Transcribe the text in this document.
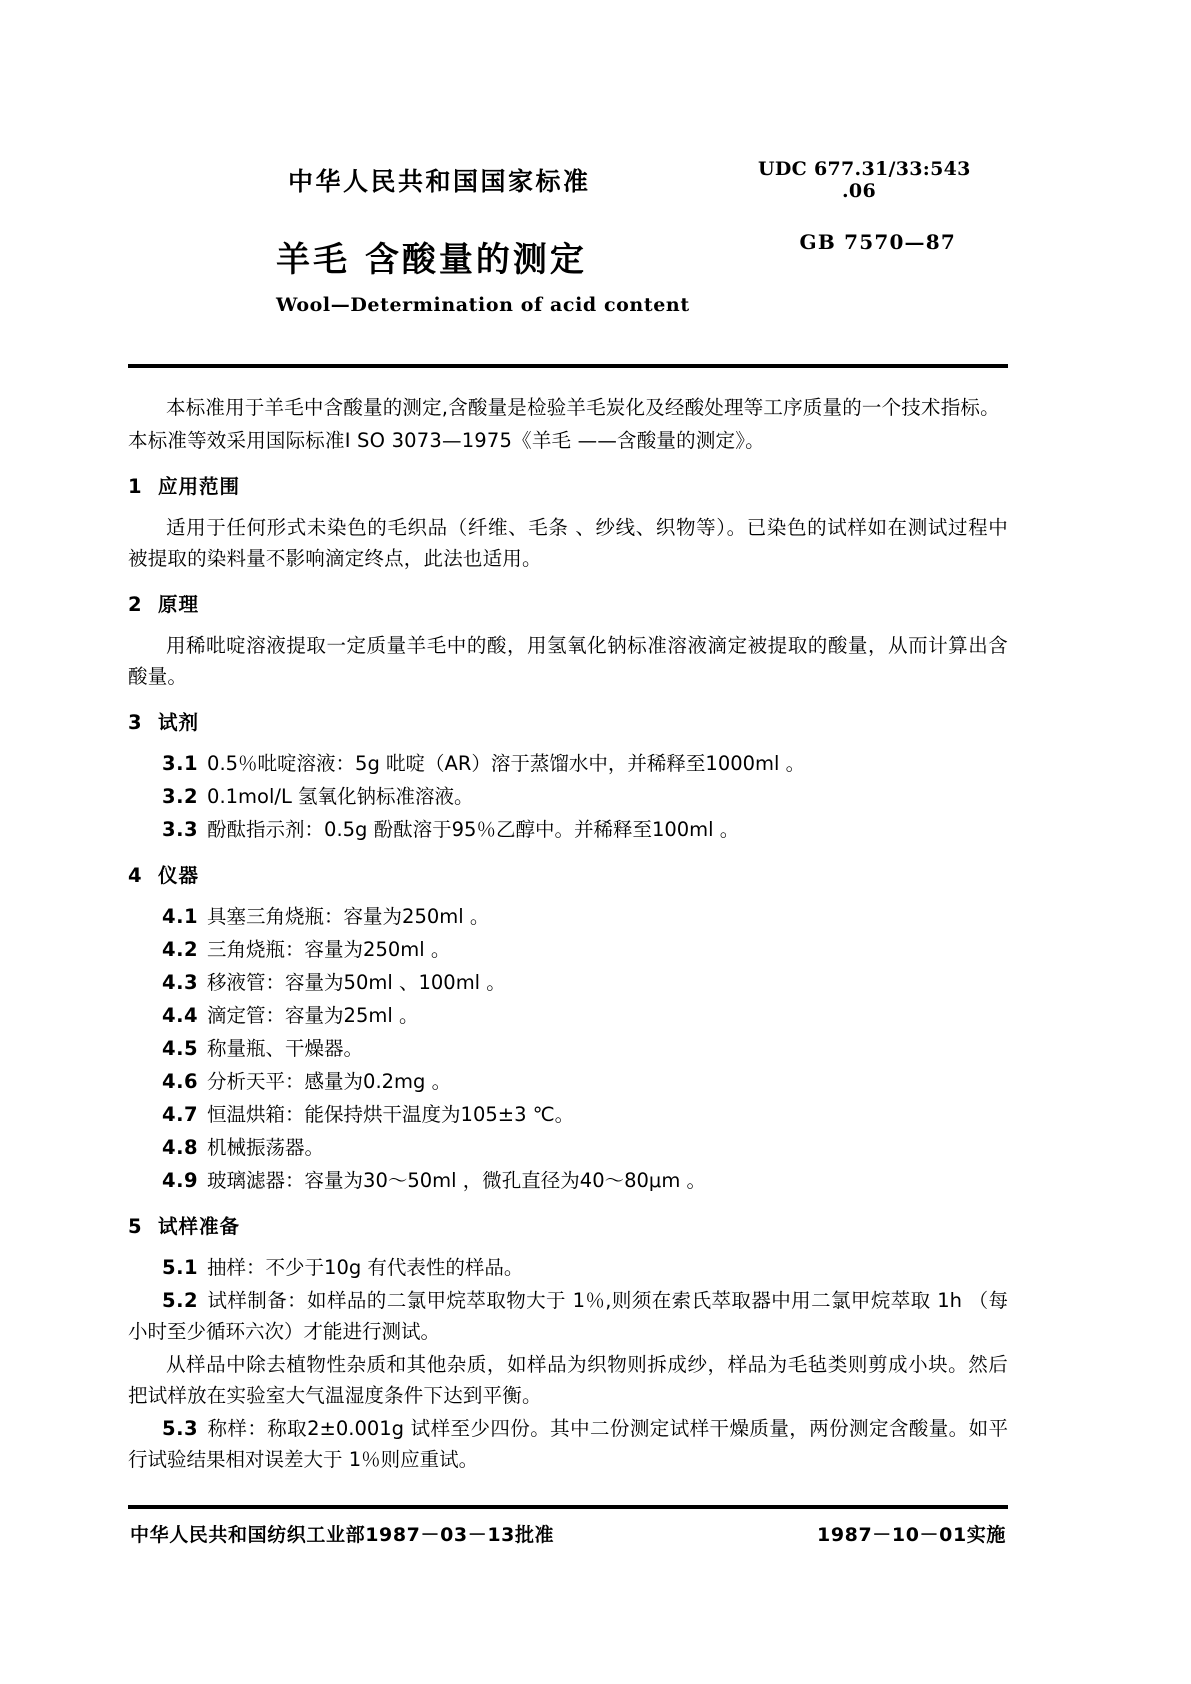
中华人民共和国国家标准	UDC 677.31/33:543
.06
GB 7570—87
羊毛 含酸量的测定
Wool—Determination of acid content

本标准用于羊毛中含酸量的测定,含酸量是检验羊毛炭化及经酸处理等工序质量的一个技术指标。

本标准等效采用国际标准I SO 3073—1975《羊毛 ——含酸量的测定》。

1 应用范围

适用于任何形式未染色的毛织品（纤维、毛条 、纱线、织物等）。已染色的试样如在测试过程中被提取的染料量不影响滴定终点，此法也适用。

2 原理

用稀吡啶溶液提取一定质量羊毛中的酸，用氢氧化钠标准溶液滴定被提取的酸量，从而计算出含酸量。

3 试剂

3.1 0.5％吡啶溶液：5g 吡啶（AR）溶于蒸馏水中，并稀释至1000ml 。

3.2 0.1mol/L 氢氧化钠标准溶液。

3.3 酚酞指示剂：0.5g 酚酞溶于95％乙醇中。并稀释至100ml 。

4 仪器

4.1 具塞三角烧瓶：容量为250ml 。

4.2 三角烧瓶：容量为250ml 。

4.3 移液管：容量为50ml 、100ml 。

4.4 滴定管：容量为25ml 。

4.5 称量瓶、干燥器。

4.6 分析天平：感量为0.2mg 。

4.7 恒温烘箱：能保持烘干温度为105±3 ℃。

4.8 机械振荡器。

4.9 玻璃滤器：容量为30～50ml ，微孔直径为40～80μm 。

5 试样准备

5.1 抽样：不少于10g 有代表性的样品。

5.2 试样制备：如样品的二氯甲烷萃取物大于 1％,则须在索氏萃取器中用二氯甲烷萃取 1h （每小时至少循环六次）才能进行测试。

从样品中除去植物性杂质和其他杂质，如样品为织物则拆成纱，样品为毛毡类则剪成小块。然后把试样放在实验室大气温湿度条件下达到平衡。

5.3 称样：称取2±0.001g 试样至少四份。其中二份测定试样干燥质量，两份测定含酸量。如平行试验结果相对误差大于 1％则应重试。

中华人民共和国纺织工业部1987－03－13批准	1987－10－01实施
